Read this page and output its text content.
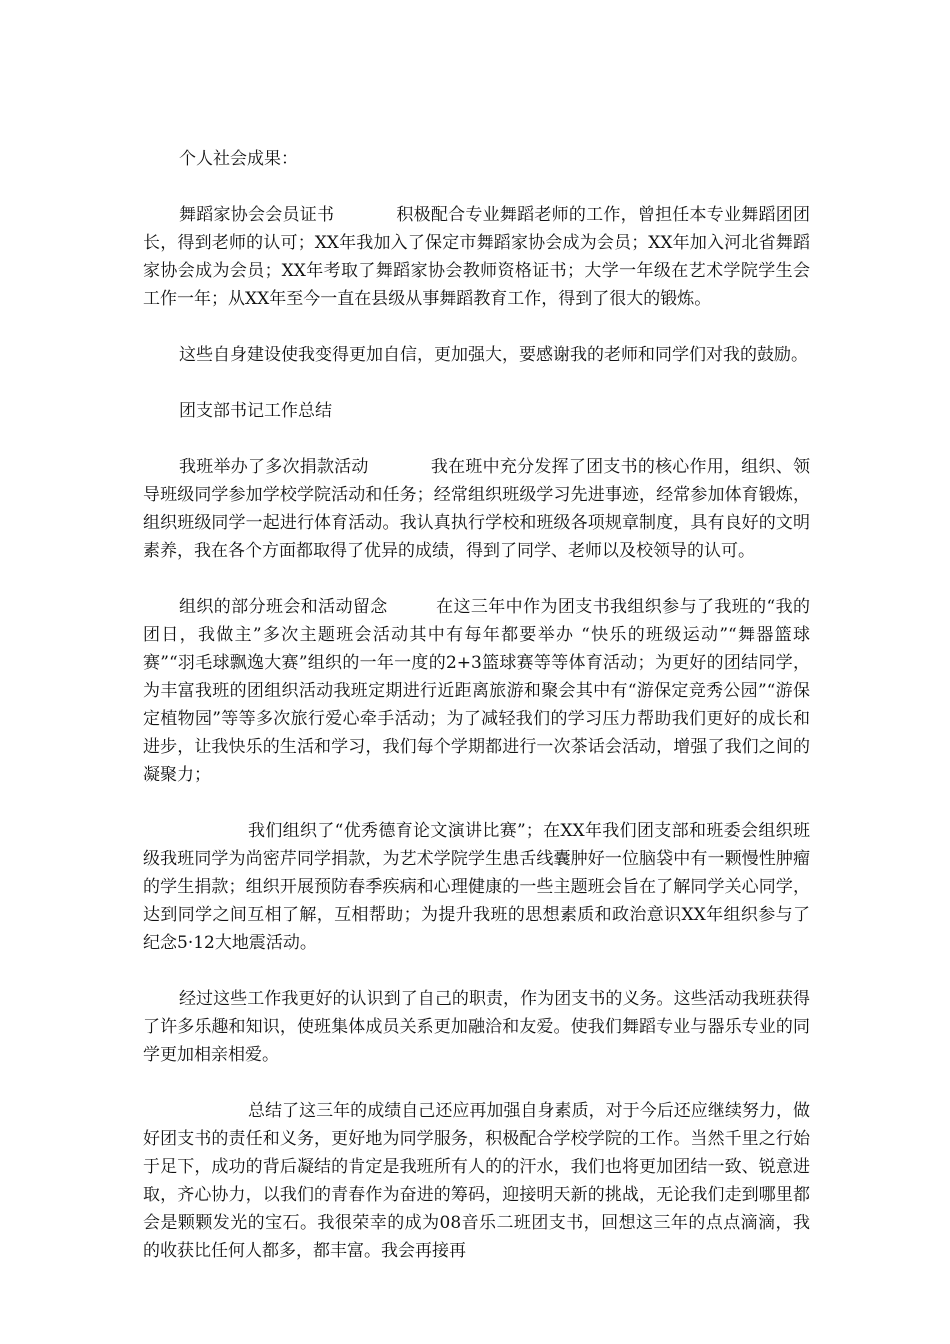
个人社会成果：

舞蹈家协会会员证书	积极配合专业舞蹈老师的工作，曾担任本专业舞蹈团团长，得到老师的认可；XX年我加入了保定市舞蹈家协会成为会员；XX年加入河北省舞蹈家协会成为会员；XX年考取了舞蹈家协会教师资格证书；大学一年级在艺术学院学生会工作一年；从XX年至今一直在县级从事舞蹈教育工作，得到了很大的锻炼。

这些自身建设使我变得更加自信，更加强大，要感谢我的老师和同学们对我的鼓励。

团支部书记工作总结

我班举办了多次捐款活动	我在班中充分发挥了团支书的核心作用，组织、领导班级同学参加学校学院活动和任务；经常组织班级学习先进事迹，经常参加体育锻炼，组织班级同学一起进行体育活动。我认真执行学校和班级各项规章制度，具有良好的文明素养，我在各个方面都取得了优异的成绩，得到了同学、老师以及校领导的认可。

组织的部分班会和活动留念	在这三年中作为团支书我组织参与了我班的“我的团日，我做主”多次主题班会活动其中有每年都要举办 “快乐的班级运动”“舞器篮球赛”“羽毛球飘逸大赛”组织的一年一度的2+3篮球赛等等体育活动；为更好的团结同学，为丰富我班的团组织活动我班定期进行近距离旅游和聚会其中有“游保定竞秀公园”“游保定植物园”等等多次旅行爱心牵手活动；为了减轻我们的学习压力帮助我们更好的成长和进步，让我快乐的生活和学习，我们每个学期都进行一次茶话会活动，增强了我们之间的凝聚力；

我们组织了“优秀德育论文演讲比赛”；在XX年我们团支部和班委会组织班级我班同学为尚密芹同学捐款，为艺术学院学生患舌线囊肿好一位脑袋中有一颗慢性肿瘤的学生捐款；组织开展预防春季疾病和心理健康的一些主题班会旨在了解同学关心同学，达到同学之间互相了解，互相帮助；为提升我班的思想素质和政治意识XX年组织参与了纪念5·12大地震活动。

经过这些工作我更好的认识到了自己的职责，作为团支书的义务。这些活动我班获得了许多乐趣和知识，使班集体成员关系更加融洽和友爱。使我们舞蹈专业与器乐专业的同学更加相亲相爱。

总结了这三年的成绩自己还应再加强自身素质，对于今后还应继续努力，做好团支书的责任和义务，更好地为同学服务，积极配合学校学院的工作。当然千里之行始于足下，成功的背后凝结的肯定是我班所有人的的汗水，我们也将更加团结一致、锐意进取，齐心协力，以我们的青春作为奋进的筹码，迎接明天新的挑战，无论我们走到哪里都会是颗颗发光的宝石。我很荣幸的成为08音乐二班团支书，回想这三年的点点滴滴，我的收获比任何人都多，都丰富。我会再接再
